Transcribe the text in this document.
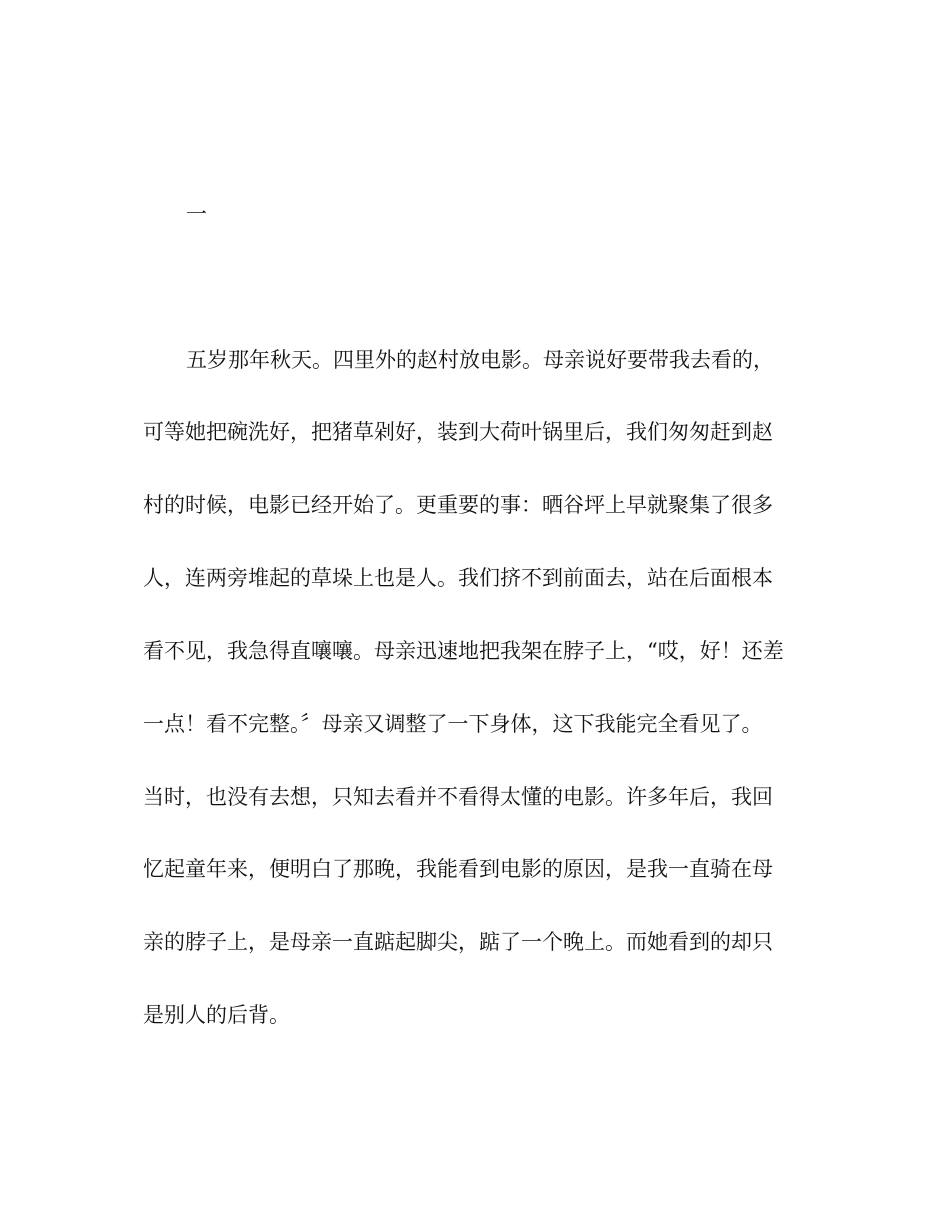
一
五岁那年秋天。四里外的赵村放电影。母亲说好要带我去看的，
可等她把碗洗好，把猪草剁好，装到大荷叶锅里后，我们匆匆赶到赵
村的时候，电影已经开始了。更重要的事：晒谷坪上早就聚集了很多
人，连两旁堆起的草垛上也是人。我们挤不到前面去，站在后面根本
看不见，我急得直嚷嚷。母亲迅速地把我架在脖子上，“哎，好！还差
一点！看不完整。〞母亲又调整了一下身体，这下我能完全看见了。
当时，也没有去想，只知去看并不看得太懂的电影。许多年后，我回
忆起童年来，便明白了那晚，我能看到电影的原因，是我一直骑在母
亲的脖子上，是母亲一直踮起脚尖，踮了一个晚上。而她看到的却只
是别人的后背。
